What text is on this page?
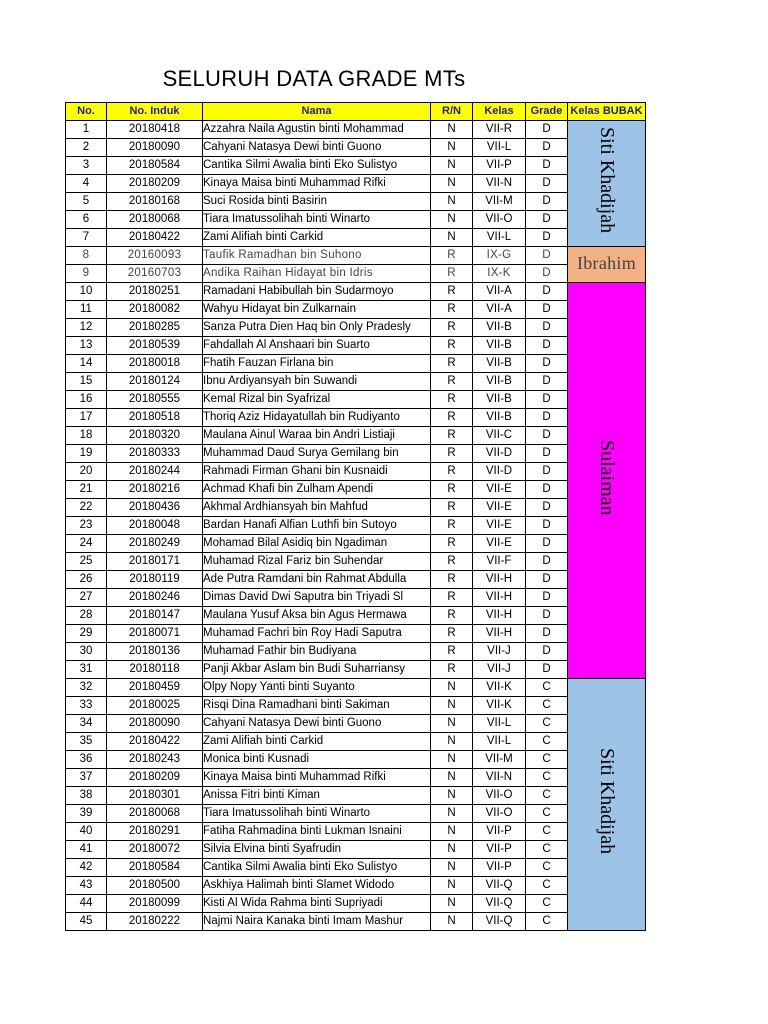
SELURUH DATA GRADE MTs
No.	No. Induk	Nama	R/N	Kelas	Grade	Kelas BUBAK
1	20180418	Azzahra Naila Agustin binti Mohammad	N	VII-R	D	Siti Khadijah
2	20180090	Cahyani Natasya Dewi binti Guono	N	VII-L	D	
3	20180584	Cantika Silmi Awalia binti Eko Sulistyo	N	VII-P	D	
4	20180209	Kinaya Maisa binti Muhammad Rifki	N	VII-N	D	
5	20180168	Suci Rosida binti Basirin	N	VII-M	D	
6	20180068	Tiara Imatussolihah binti Winarto	N	VII-O	D	
7	20180422	Zami Alifiah binti Carkid	N	VII-L	D	
8	20160093	Taufik Ramadhan bin Suhono	R	IX-G	D	Ibrahim
9	20160703	Andika Raihan Hidayat bin Idris	R	IX-K	D	
10	20180251	Ramadani Habibullah bin Sudarmoyo	R	VII-A	D	Sulaiman
11	20180082	Wahyu Hidayat bin Zulkarnain	R	VII-A	D	
12	20180285	Sanza Putra Dien Haq bin Only Pradesly	R	VII-B	D	
13	20180539	Fahdallah Al Anshaari bin Suarto	R	VII-B	D	
14	20180018	Fhatih Fauzan Firlana bin	R	VII-B	D	
15	20180124	Ibnu Ardiyansyah bin Suwandi	R	VII-B	D	
16	20180555	Kemal Rizal bin Syafrizal	R	VII-B	D	
17	20180518	Thoriq Aziz Hidayatullah bin Rudiyanto	R	VII-B	D	
18	20180320	Maulana Ainul Waraa bin Andri Listiaji	R	VII-C	D	
19	20180333	Muhammad Daud Surya Gemilang bin	R	VII-D	D	
20	20180244	Rahmadi Firman Ghani bin Kusnaidi	R	VII-D	D	
21	20180216	Achmad Khafi bin Zulham Apendi	R	VII-E	D	
22	20180436	Akhmal Ardhiansyah bin Mahfud	R	VII-E	D	
23	20180048	Bardan Hanafi Alfian Luthfi bin Sutoyo	R	VII-E	D	
24	20180249	Mohamad Bilal Asidiq bin Ngadiman	R	VII-E	D	
25	20180171	Muhamad Rizal Fariz bin Suhendar	R	VII-F	D	
26	20180119	Ade Putra Ramdani bin Rahmat Abdulla	R	VII-H	D	
27	20180246	Dimas David Dwi Saputra bin Triyadi Sl	R	VII-H	D	
28	20180147	Maulana Yusuf Aksa bin Agus Hermawa	R	VII-H	D	
29	20180071	Muhamad Fachri bin Roy Hadi Saputra	R	VII-H	D	
30	20180136	Muhamad Fathir bin Budiyana	R	VII-J	D	
31	20180118	Panji Akbar Aslam bin Budi Suharriansy	R	VII-J	D	
32	20180459	Olpy Nopy Yanti binti Suyanto	N	VII-K	C	Siti Khadijah
33	20180025	Risqi Dina Ramadhani binti Sakiman	N	VII-K	C	
34	20180090	Cahyani Natasya Dewi binti Guono	N	VII-L	C	
35	20180422	Zami Alifiah binti Carkid	N	VII-L	C	
36	20180243	Monica binti Kusnadi	N	VII-M	C	
37	20180209	Kinaya Maisa binti Muhammad Rifki	N	VII-N	C	
38	20180301	Anissa Fitri binti Kiman	N	VII-O	C	
39	20180068	Tiara Imatussolihah binti Winarto	N	VII-O	C	
40	20180291	Fatiha Rahmadina binti Lukman Isnaini	N	VII-P	C	
41	20180072	Silvia Elvina binti Syafrudin	N	VII-P	C	
42	20180584	Cantika Silmi Awalia binti Eko Sulistyo	N	VII-P	C	
43	20180500	Askhiya Halimah binti Slamet Widodo	N	VII-Q	C	
44	20180099	Kisti Al Wida Rahma binti Supriyadi	N	VII-Q	C	
45	20180222	Najmi Naira Kanaka binti Imam Mashur	N	VII-Q	C	
